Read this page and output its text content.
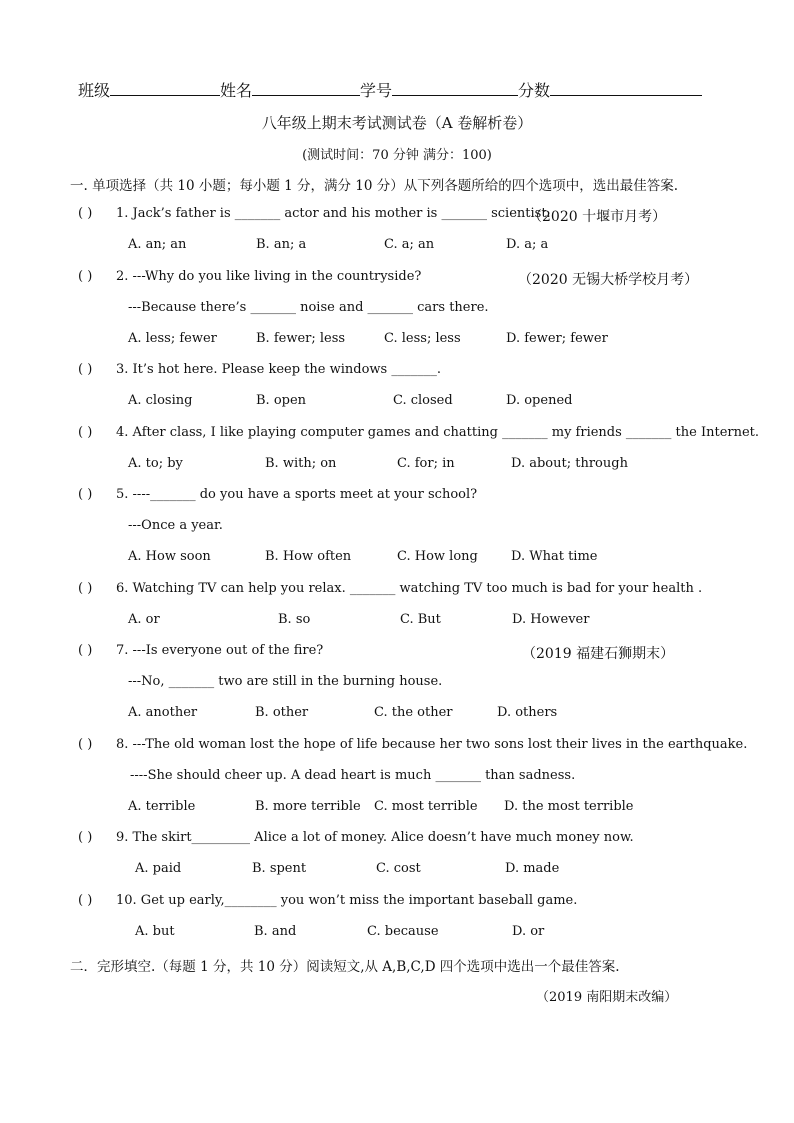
班级	姓名	学号	分数
八年级上期末考试测试卷（A 卷解析卷）
(测试时间：70 分钟 满分：100)
一. 单项选择（共 10 小题；每小题 1 分，满分 10 分）从下列各题所给的四个选项中，选出最佳答案.
( ) 1. Jack’s father is _______ actor and his mother is _______ scientist.
（2020 十堰市月考）
A. an; an	B. an; a	C. a; an	D. a; a
( ) 2. ---Why do you like living in the countryside?	（2020 无锡大桥学校月考）
---Because there’s _______ noise and _______ cars there.
A. less; fewer	B. fewer; less	C. less; less	D. fewer; fewer
( ) 3. It’s hot here. Please keep the windows _______.
A. closing	B. open	C. closed	D. opened
( ) 4. After class, I like playing computer games and chatting _______ my friends _______ the Internet.
A. to; by	B. with; on	C. for; in	D. about; through
( ) 5. ----_______ do you have a sports meet at your school?
---Once a year.
A. How soon	B. How often	C. How long	D. What time
( ) 6. Watching TV can help you relax. _______ watching TV too much is bad for your health .
A. or	B. so	C. But	D. However
( ) 7. ---Is everyone out of the fire?	（2019 福建石狮期末）
---No, _______ two are still in the burning house.
A. another	B. other	C. the other	D. others
( ) 8. ---The old woman lost the hope of life because her two sons lost their lives in the earthquake.
----She should cheer up. A dead heart is much _______ than sadness.
A. terrible	B. more terrible C. most terrible D. the most terrible
( ) 9. The skirt_________ Alice a lot of money. Alice doesn’t have much money now.
A. paid	B. spent	C. cost	D. made
( ) 10. Get up early,________ you won’t miss the important baseball game.
A. but	B. and	C. because	D. or
二．完形填空.（每题 1 分，共 10 分）阅读短文,从 A,B,C,D 四个选项中选出一个最佳答案.
（2019 南阳期末改编）
